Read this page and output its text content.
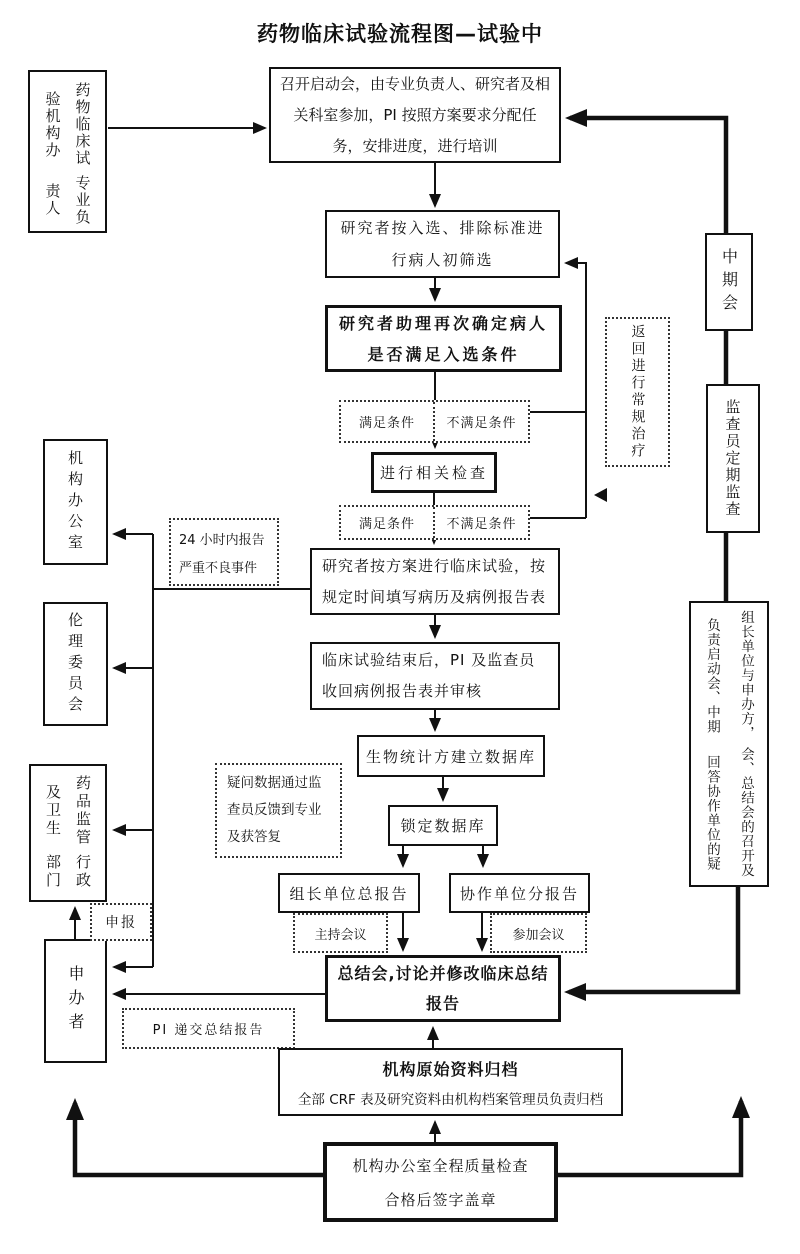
药物临床试验流程图—试验中
药物临床试验机构办
专业负责人
机构办公室
伦理委员会
药品监管及卫生
行政部门
申办者
召开启动会，由专业负责人、研究者及相关科室参加，PI 按照方案要求分配任务，安排进度，进行培训
研究者按入选、排除标准进行病人初筛选
研究者助理再次确定病人是否满足入选条件
满足条件	不满足条件
进行相关检查
满足条件	不满足条件
研究者按方案进行临床试验，按规定时间填写病历及病例报告表
临床试验结束后，PI 及监查员收回病例报告表并审核
生物统计方建立数据库
锁定数据库
组长单位总报告	协作单位分报告
主持会议	参加会议
总结会,讨论并修改临床总结报告
PI 递交总结报告
机构原始资料归档
全部 CRF 表及研究资料由机构档案管理员负责归档
机构办公室全程质量检查
合格后签字盖章
中期会
监查员定期监查
组长单位与申办方，负责启动会、中期
会、总结会的召开及回答协作单位的疑
返回进行常规治疗
24 小时内报告
严重不良事件
疑问数据通过监查员反馈到专业及获答复
申报
